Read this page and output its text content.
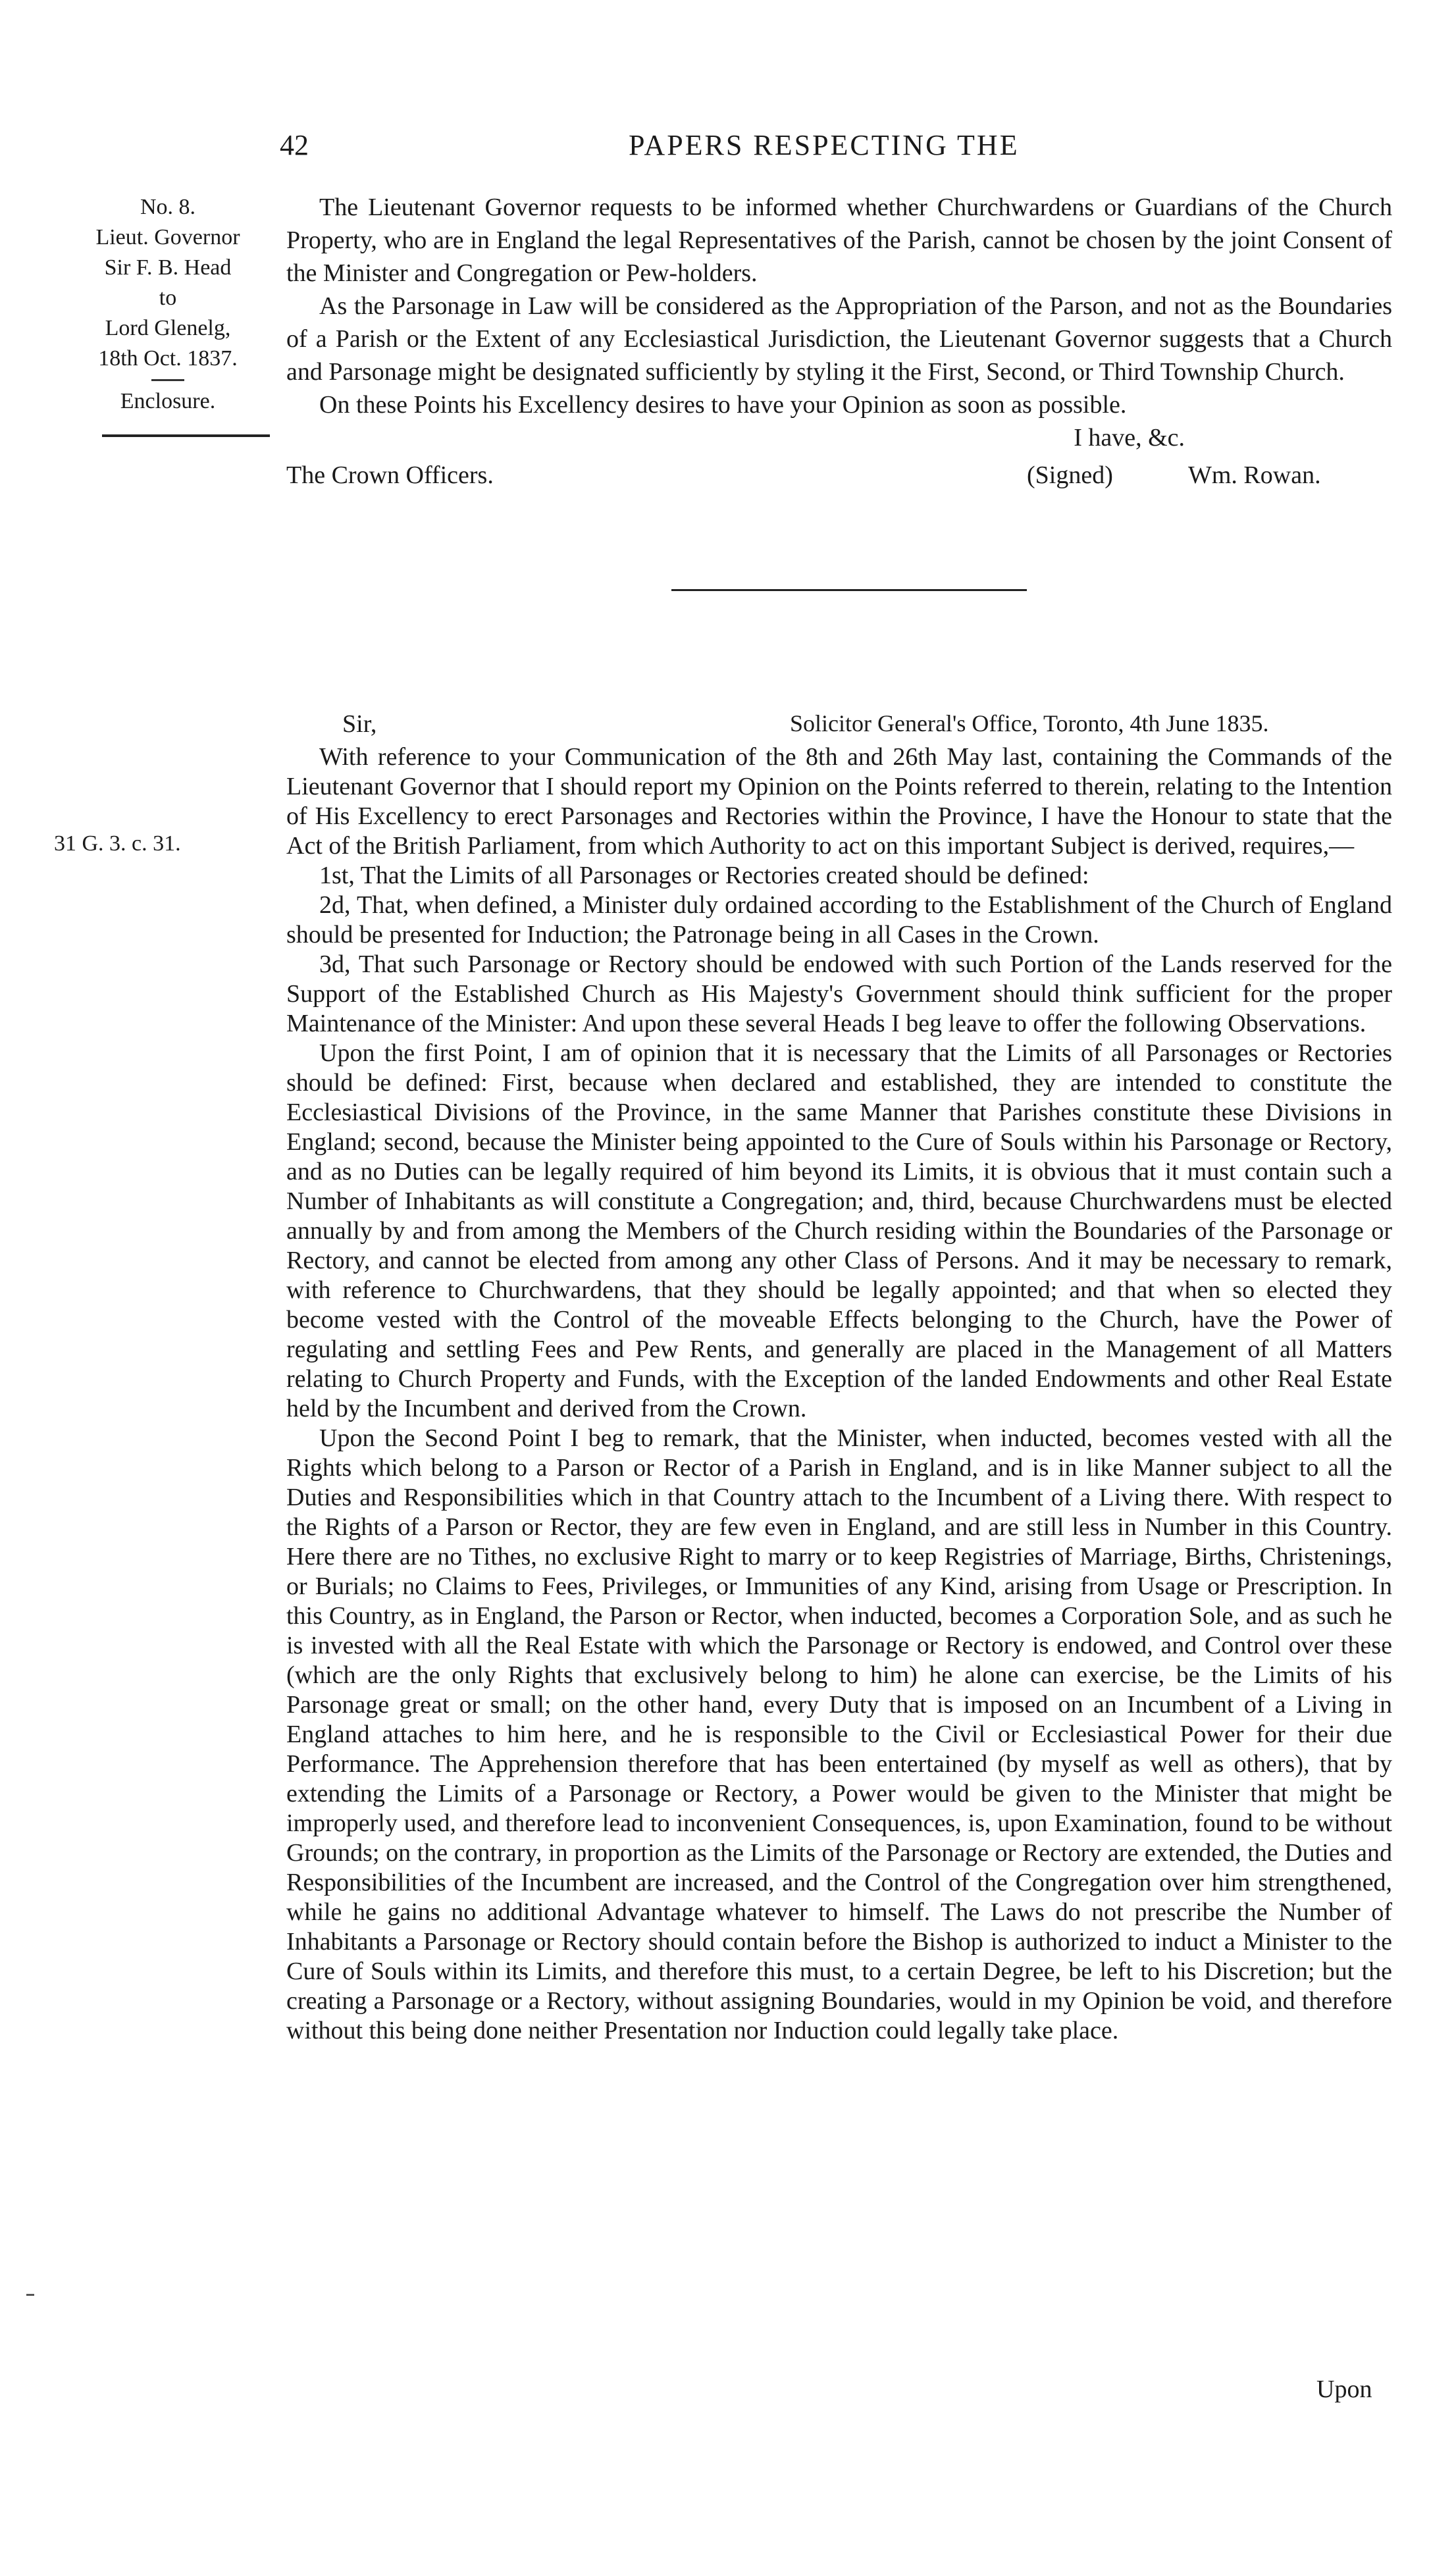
42	PAPERS RESPECTING THE
No. 8.
Lieut. Governor
Sir F. B. Head
to
Lord Glenelg,
18th Oct. 1837.
Enclosure.

The Lieutenant Governor requests to be informed whether Churchwardens or Guardians of the Church Property, who are in England the legal Representatives of the Parish, cannot be chosen by the joint Consent of the Minister and Congregation or Pew-holders.

As the Parsonage in Law will be considered as the Appropriation of the Parson, and not as the Boundaries of a Parish or the Extent of any Ecclesiastical Jurisdiction, the Lieutenant Governor suggests that a Church and Parsonage might be designated sufficiently by styling it the First, Second, or Third Township Church.

On these Points his Excellency desires to have your Opinion as soon as possible.

I have, &c.
The Crown Officers.	(Signed)	Wm. Rowan.
Sir,	Solicitor General's Office, Toronto, 4th June 1835.
31 G. 3. c. 31.

With reference to your Communication of the 8th and 26th May last, containing the Commands of the Lieutenant Governor that I should report my Opinion on the Points referred to therein, relating to the Intention of His Excellency to erect Parsonages and Rectories within the Province, I have the Honour to state that the Act of the British Parliament, from which Authority to act on this important Subject is derived, requires,—

1st, That the Limits of all Parsonages or Rectories created should be defined:

2d, That, when defined, a Minister duly ordained according to the Establishment of the Church of England should be presented for Induction; the Patronage being in all Cases in the Crown.

3d, That such Parsonage or Rectory should be endowed with such Portion of the Lands reserved for the Support of the Established Church as His Majesty's Government should think sufficient for the proper Maintenance of the Minister: And upon these several Heads I beg leave to offer the following Observations.

Upon the first Point, I am of opinion that it is necessary that the Limits of all Parsonages or Rectories should be defined: First, because when declared and established, they are intended to constitute the Ecclesiastical Divisions of the Province, in the same Manner that Parishes constitute these Divisions in England; second, because the Minister being appointed to the Cure of Souls within his Parsonage or Rectory, and as no Duties can be legally required of him beyond its Limits, it is obvious that it must contain such a Number of Inhabitants as will constitute a Congregation; and, third, because Churchwardens must be elected annually by and from among the Members of the Church residing within the Boundaries of the Parsonage or Rectory, and cannot be elected from among any other Class of Persons. And it may be necessary to remark, with reference to Churchwardens, that they should be legally appointed; and that when so elected they become vested with the Control of the moveable Effects belonging to the Church, have the Power of regulating and settling Fees and Pew Rents, and generally are placed in the Management of all Matters relating to Church Property and Funds, with the Exception of the landed Endowments and other Real Estate held by the Incumbent and derived from the Crown.

Upon the Second Point I beg to remark, that the Minister, when inducted, becomes vested with all the Rights which belong to a Parson or Rector of a Parish in England, and is in like Manner subject to all the Duties and Responsibilities which in that Country attach to the Incumbent of a Living there. With respect to the Rights of a Parson or Rector, they are few even in England, and are still less in Number in this Country. Here there are no Tithes, no exclusive Right to marry or to keep Registries of Marriage, Births, Christenings, or Burials; no Claims to Fees, Privileges, or Immunities of any Kind, arising from Usage or Prescription. In this Country, as in England, the Parson or Rector, when inducted, becomes a Corporation Sole, and as such he is invested with all the Real Estate with which the Parsonage or Rectory is endowed, and Control over these (which are the only Rights that exclusively belong to him) he alone can exercise, be the Limits of his Parsonage great or small; on the other hand, every Duty that is imposed on an Incumbent of a Living in England attaches to him here, and he is responsible to the Civil or Ecclesiastical Power for their due Performance. The Apprehension therefore that has been entertained (by myself as well as others), that by extending the Limits of a Parsonage or Rectory, a Power would be given to the Minister that might be improperly used, and therefore lead to inconvenient Consequences, is, upon Examination, found to be without Grounds; on the contrary, in proportion as the Limits of the Parsonage or Rectory are extended, the Duties and Responsibilities of the Incumbent are increased, and the Control of the Congregation over him strengthened, while he gains no additional Advantage whatever to himself. The Laws do not prescribe the Number of Inhabitants a Parsonage or Rectory should contain before the Bishop is authorized to induct a Minister to the Cure of Souls within its Limits, and therefore this must, to a certain Degree, be left to his Discretion; but the creating a Parsonage or a Rectory, without assigning Boundaries, would in my Opinion be void, and therefore without this being done neither Presentation nor Induction could legally take place.

Upon
